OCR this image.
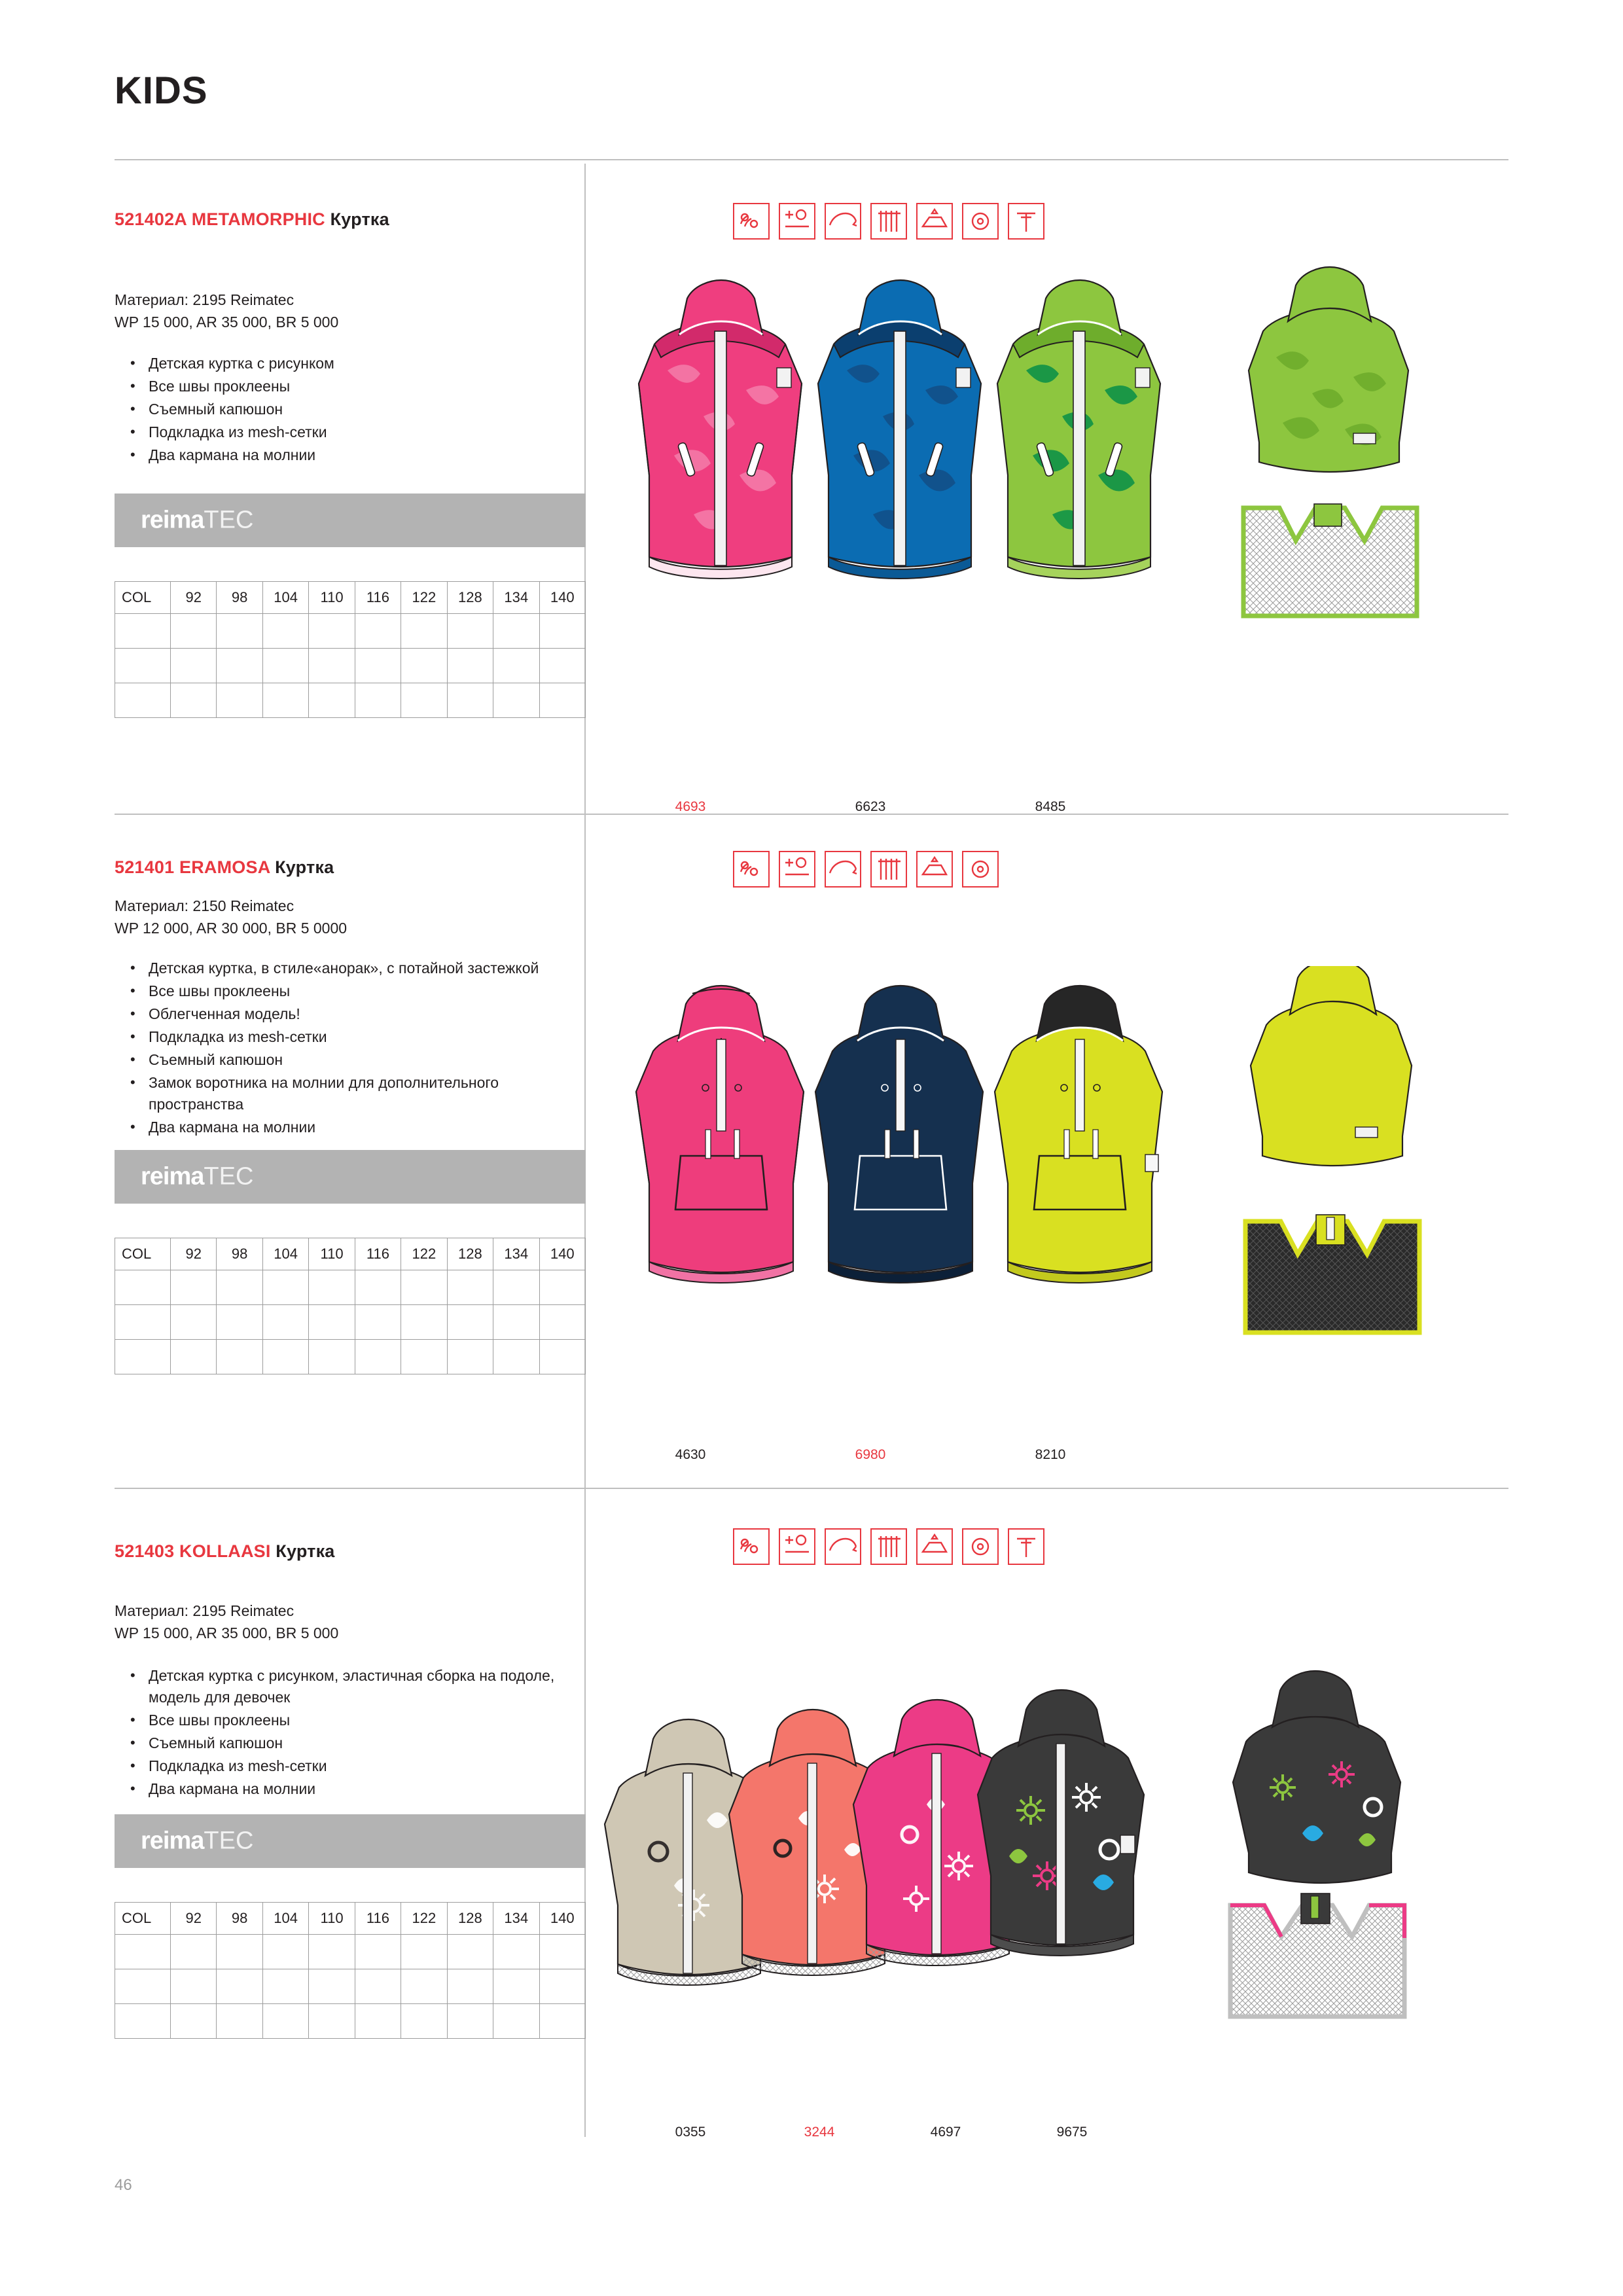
KIDS
521402A METAMORPHIC Куртка
Материал: 2195 Reimatec
WP 15 000, AR 35 000, BR 5 000
• Детская куртка с рисунком
• Все швы проклеены
• Съемный капюшон
• Подкладка из mesh-сетки
• Два кармана на молнии
reimaTEC
COL	92	98	104	110	116	122	128	134	140

4693	6623	8485
521401 ERAMOSA Куртка
Материал: 2150 Reimatec
WP 12 000, AR 30 000, BR 5 0000
• Детская куртка, в стиле«анорак», с потайной застежкой
• Все швы проклеены
• Облегченная модель!
• Подкладка из mesh-сетки
• Съемный капюшон
• Замок воротника на молнии для дополнительного пространства
• Два кармана на молнии
reimaTEC
COL	92	98	104	110	116	122	128	134	140

4630	6980	8210
521403 KOLLAASI Куртка
Материал: 2195 Reimatec
WP 15 000, AR 35 000, BR 5 000
• Детская куртка с рисунком, эластичная сборка на подоле, модель для девочек
• Все швы проклеены
• Съемный капюшон
• Подкладка из mesh-сетки
• Два кармана на молнии
reimaTEC
COL	92	98	104	110	116	122	128	134	140

0355	3244	4697	9675
46
